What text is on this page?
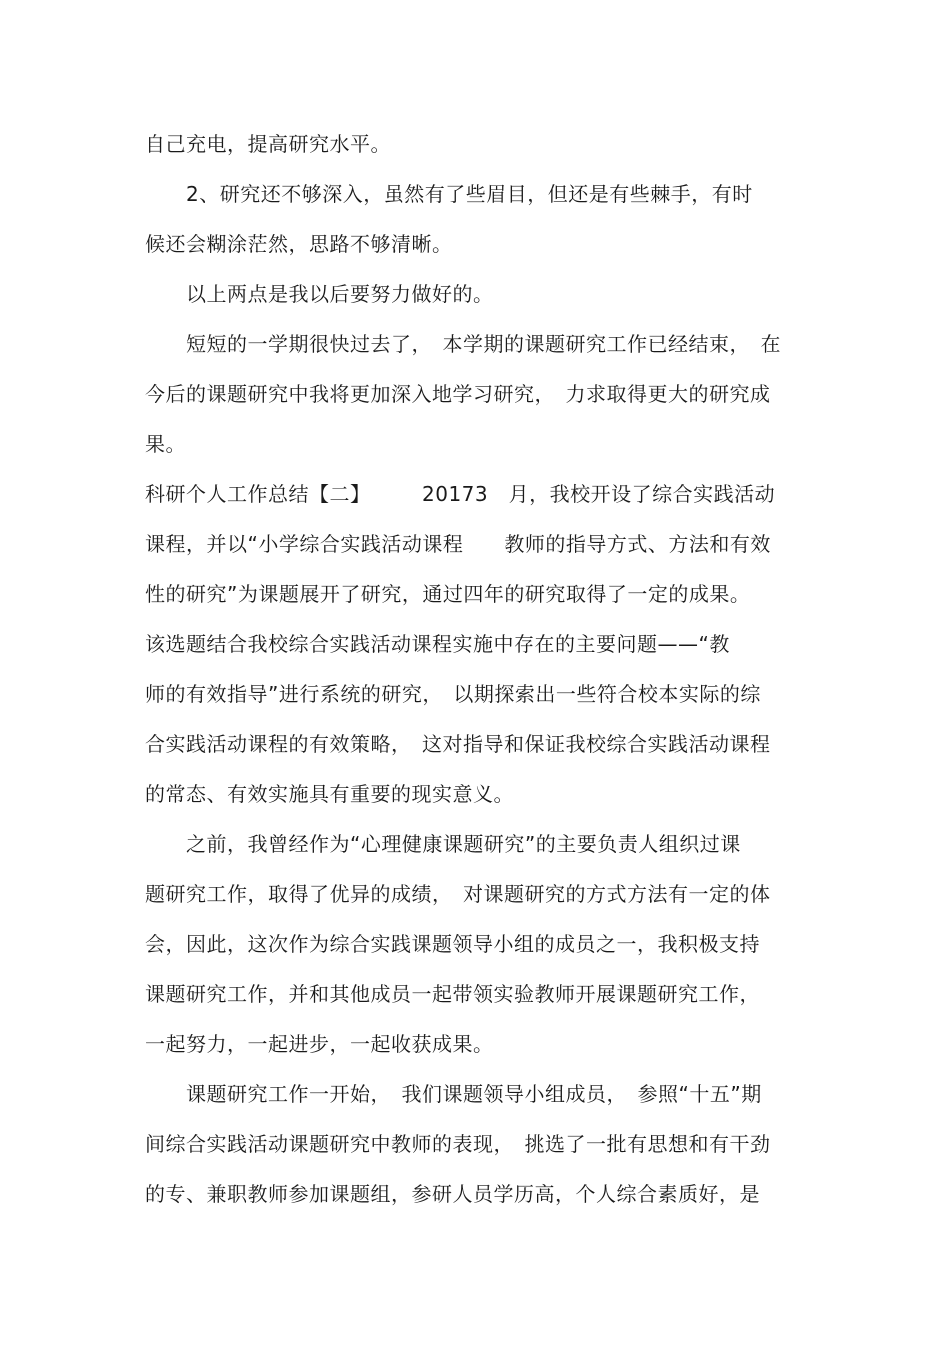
自己充电，提高研究水平。
　　2、研究还不够深入，虽然有了些眉目，但还是有些棘手，有时
候还会糊涂茫然，思路不够清晰。
　　以上两点是我以后要努力做好的。
　　短短的一学期很快过去了，　本学期的课题研究工作已经结束，　在
今后的课题研究中我将更加深入地学习研究，　力求取得更大的研究成
果。
科研个人工作总结【二】　　　20173　月，我校开设了综合实践活动
课程，并以“小学综合实践活动课程　　教师的指导方式、方法和有效
性的研究”为课题展开了研究，通过四年的研究取得了一定的成果。
该选题结合我校综合实践活动课程实施中存在的主要问题——“教
师的有效指导”进行系统的研究，　以期探索出一些符合校本实际的综
合实践活动课程的有效策略，　这对指导和保证我校综合实践活动课程
的常态、有效实施具有重要的现实意义。
　　之前，我曾经作为“心理健康课题研究”的主要负责人组织过课
题研究工作，取得了优异的成绩，　对课题研究的方式方法有一定的体
会，因此，这次作为综合实践课题领导小组的成员之一，我积极支持
课题研究工作，并和其他成员一起带领实验教师开展课题研究工作，
一起努力，一起进步，一起收获成果。
　　课题研究工作一开始，　我们课题领导小组成员，　参照“十五”期
间综合实践活动课题研究中教师的表现，　挑选了一批有思想和有干劲
的专、兼职教师参加课题组，参研人员学历高，个人综合素质好，是
